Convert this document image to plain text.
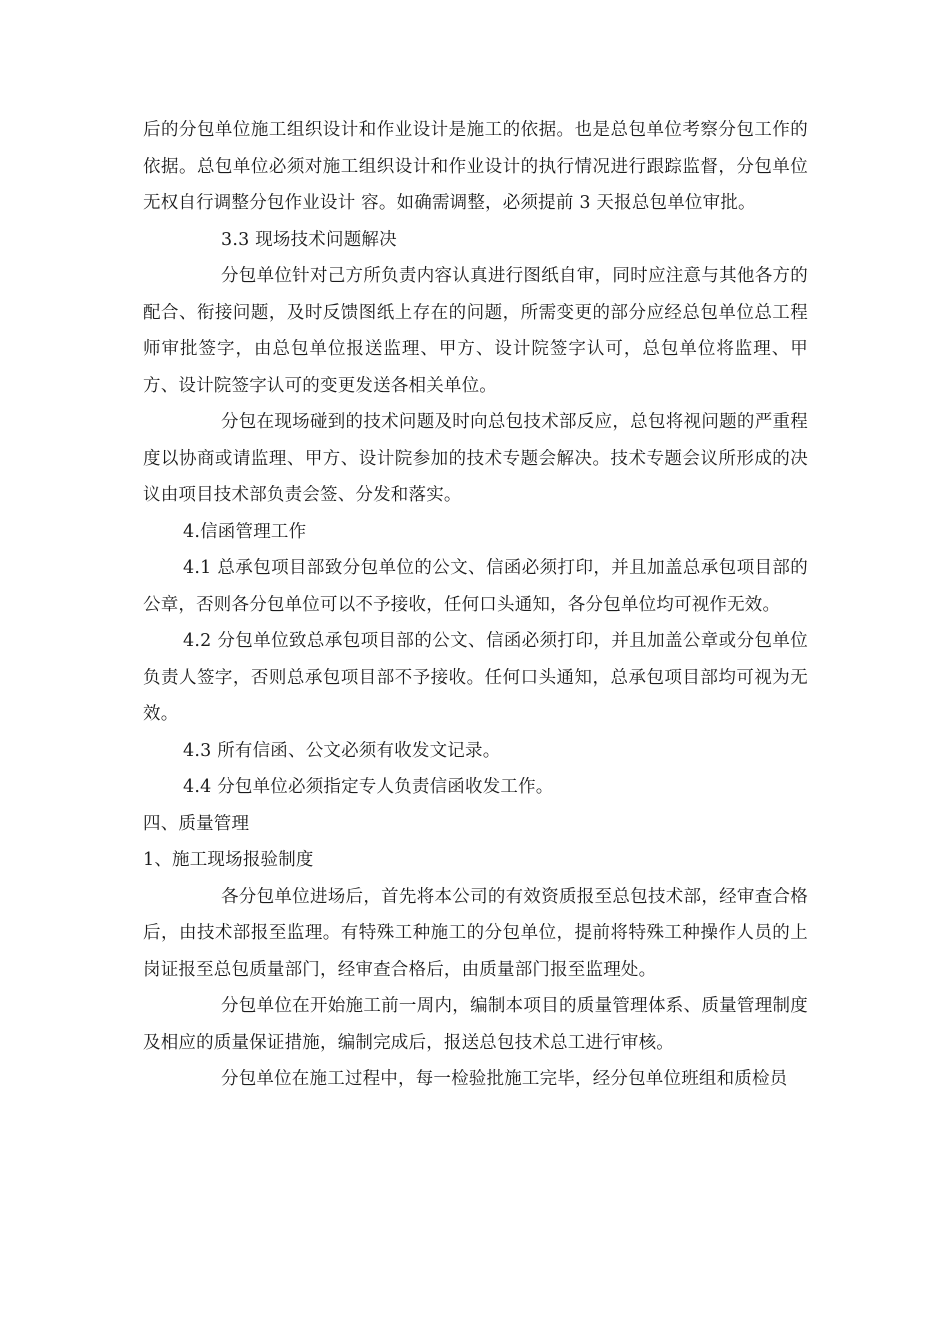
后的分包单位施工组织设计和作业设计是施工的依据。也是总包单位考察分包工作的依据。总包单位必须对施工组织设计和作业设计的执行情况进行跟踪监督，分包单位无权自行调整分包作业设计 容。如确需调整，必须提前 3 天报总包单位审批。

3.3 现场技术问题解决

分包单位针对己方所负责内容认真进行图纸自审，同时应注意与其他各方的配合、衔接问题，及时反馈图纸上存在的问题，所需变更的部分应经总包单位总工程师审批签字，由总包单位报送监理、甲方、设计院签字认可，总包单位将监理、甲方、设计院签字认可的变更发送各相关单位。

分包在现场碰到的技术问题及时向总包技术部反应，总包将视问题的严重程度以协商或请监理、甲方、设计院参加的技术专题会解决。技术专题会议所形成的决议由项目技术部负责会签、分发和落实。

4.信函管理工作

4.1 总承包项目部致分包单位的公文、信函必须打印，并且加盖总承包项目部的公章，否则各分包单位可以不予接收，任何口头通知，各分包单位均可视作无效。

4.2 分包单位致总承包项目部的公文、信函必须打印，并且加盖公章或分包单位负责人签字，否则总承包项目部不予接收。任何口头通知，总承包项目部均可视为无效。

4.3 所有信函、公文必须有收发文记录。

4.4 分包单位必须指定专人负责信函收发工作。

四、质量管理

1、施工现场报验制度

各分包单位进场后，首先将本公司的有效资质报至总包技术部，经审查合格后，由技术部报至监理。有特殊工种施工的分包单位，提前将特殊工种操作人员的上岗证报至总包质量部门，经审查合格后，由质量部门报至监理处。

分包单位在开始施工前一周内，编制本项目的质量管理体系、质量管理制度及相应的质量保证措施，编制完成后，报送总包技术总工进行审核。

分包单位在施工过程中，每一检验批施工完毕，经分包单位班组和质检员
